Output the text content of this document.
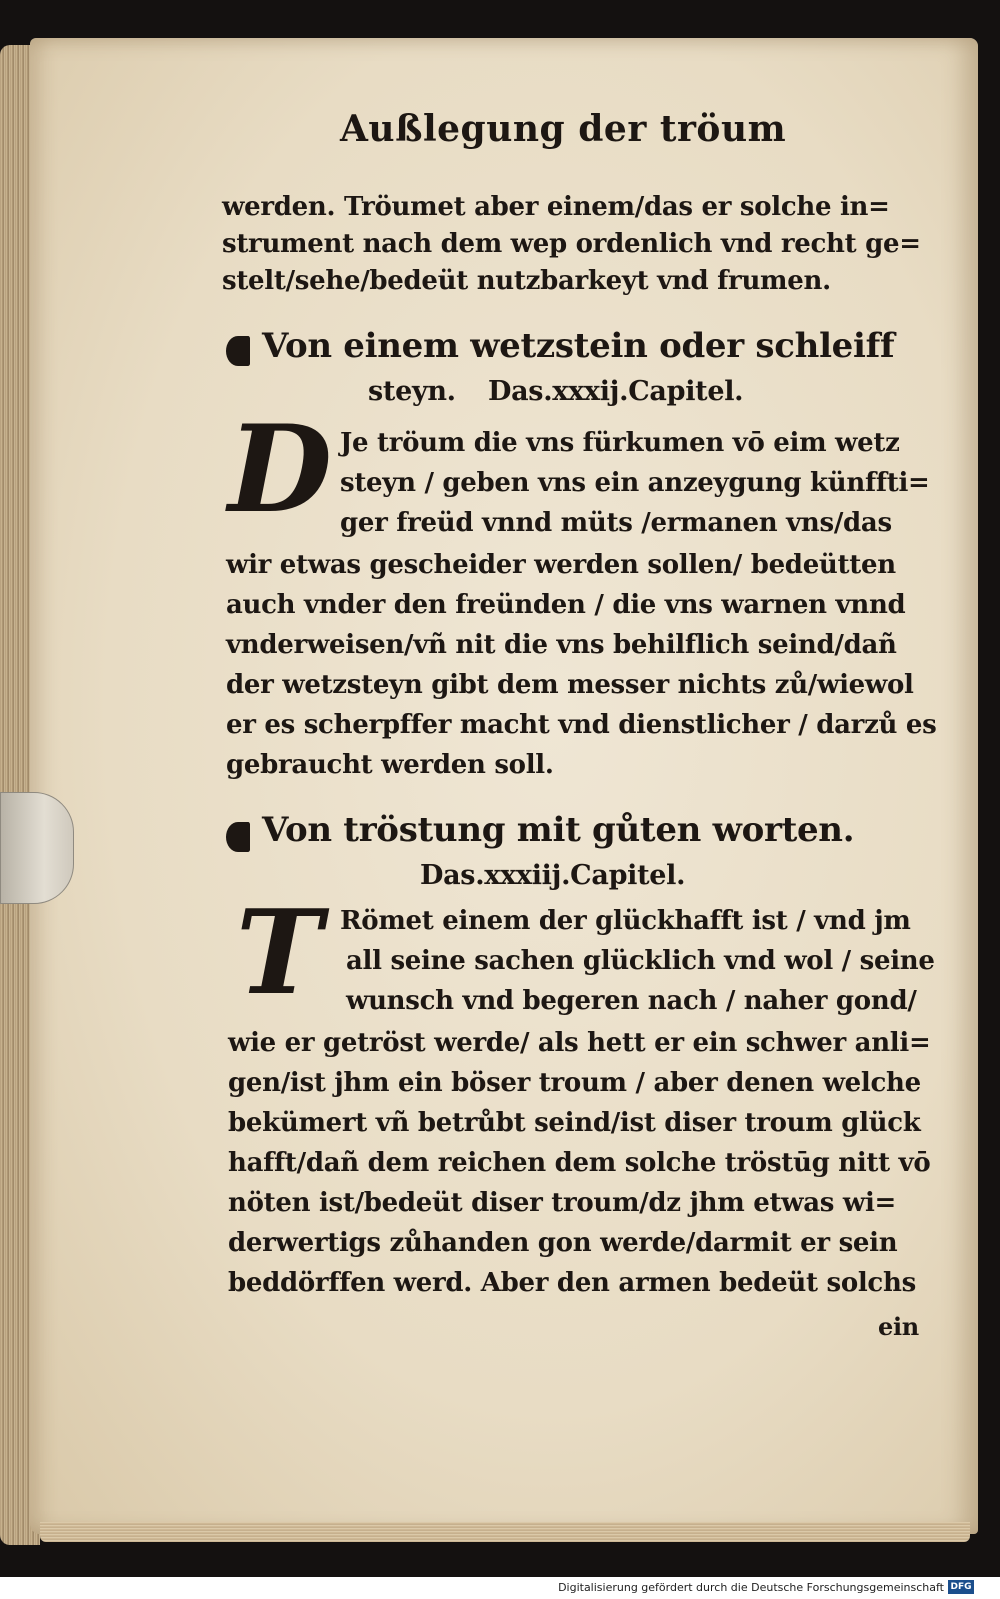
Außlegung der tröum
werden. Tröumet aber einem/das er solche in=
strument nach dem wep ordenlich vnd recht ge=
stelt/sehe/bedeüt nutzbarkeyt vnd frumen.
Von einem wetzstein oder schleiff
steyn. Das.xxxij.Capitel.
D Je tröum die vns fürkumen vō eim wetz
steyn / geben vns ein anzeygung künffti=
ger freüd vnnd müts /ermanen vns/das
wir etwas gescheider werden sollen/ bedeütten
auch vnder den freünden / die vns warnen vnnd
vnderweisen/vñ nit die vns behilflich seind/dañ
der wetzsteyn gibt dem messer nichts zů/wiewol
er es scherpffer macht vnd dienstlicher / darzů es
gebraucht werden soll.
Von tröstung mit gůten worten.
Das.xxxiij.Capitel.
T Römet einem der glückhafft ist / vnd jm
all seine sachen glücklich vnd wol / seine
wunsch vnd begeren nach / naher gond/
wie er getröst werde/ als hett er ein schwer anli=
gen/ist jhm ein böser troum / aber denen welche
bekümert vñ betrůbt seind/ist diser troum glück
hafft/dañ dem reichen dem solche tröstūg nitt vō
nöten ist/bedeüt diser troum/dz jhm etwas wi=
derwertigs zůhanden gon werde/darmit er sein
beddörffen werd. Aber den armen bedeüt solchs
ein
Digitalisierung gefördert durch die Deutsche Forschungsgemeinschaft DFG
